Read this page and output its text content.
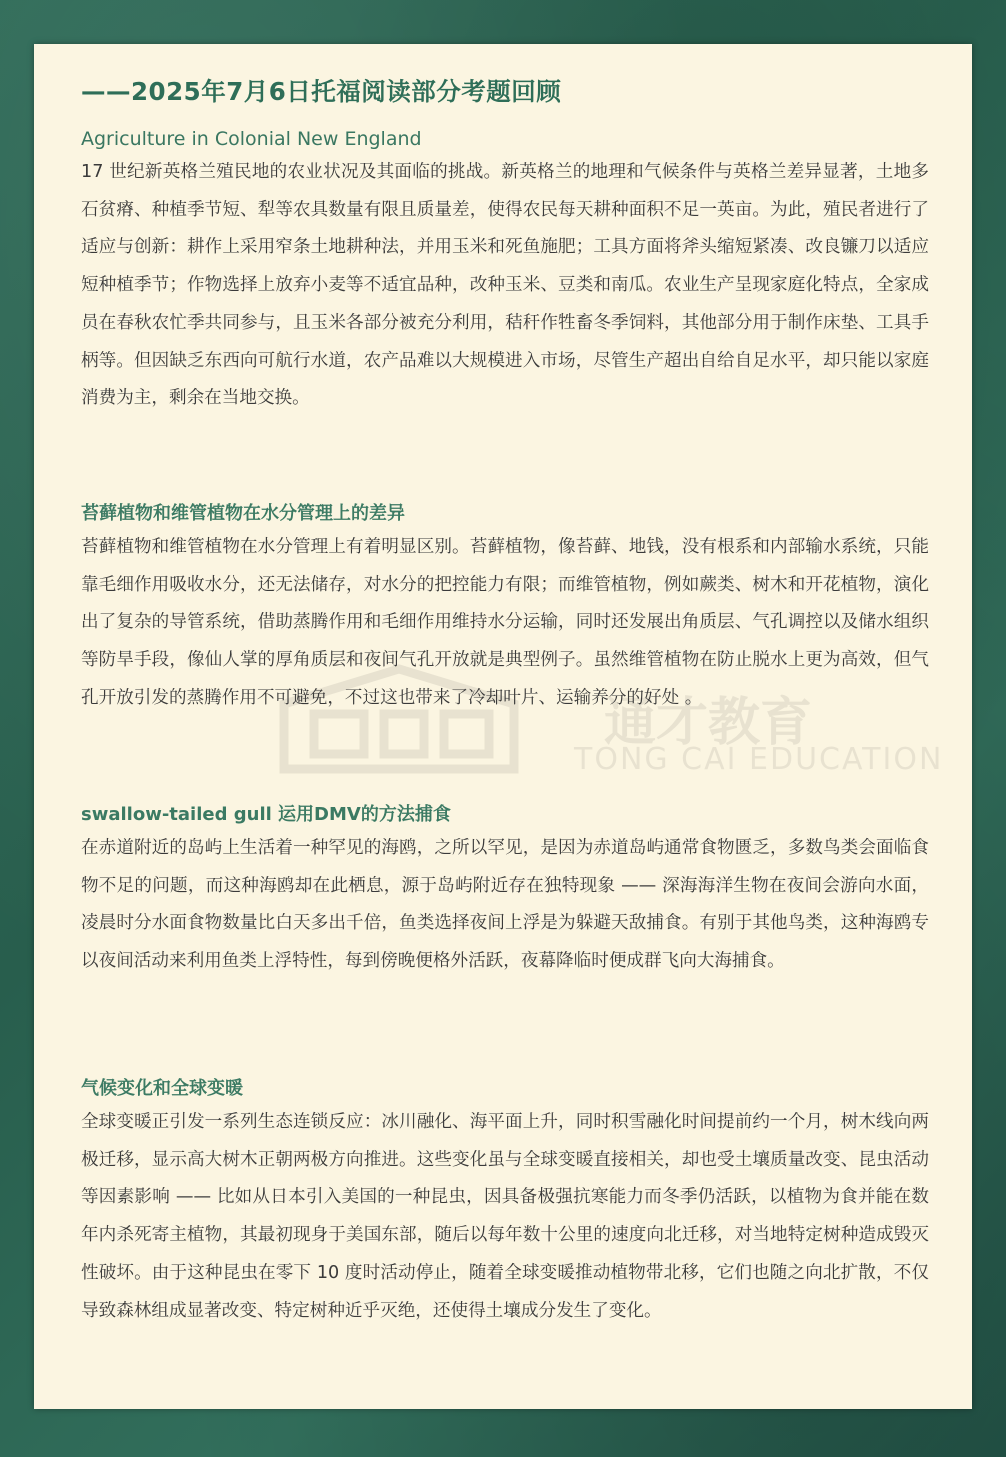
通才教育
TONG CAI EDUCATION
——2025年7月6日托福阅读部分考题回顾
Agriculture in Colonial New England

17 世纪新英格兰殖民地的农业状况及其面临的挑战。新英格兰的地理和气候条件与英格兰差异显著，土地多石贫瘠、种植季节短、犁等农具数量有限且质量差，使得农民每天耕种面积不足一英亩。为此，殖民者进行了适应与创新：耕作上采用窄条土地耕种法，并用玉米和死鱼施肥；工具方面将斧头缩短紧凑、改良镰刀以适应短种植季节；作物选择上放弃小麦等不适宜品种，改种玉米、豆类和南瓜。农业生产呈现家庭化特点，全家成员在春秋农忙季共同参与，且玉米各部分被充分利用，秸秆作牲畜冬季饲料，其他部分用于制作床垫、工具手柄等。但因缺乏东西向可航行水道，农产品难以大规模进入市场，尽管生产超出自给自足水平，却只能以家庭消费为主，剩余在当地交换。

苔藓植物和维管植物在水分管理上的差异

苔藓植物和维管植物在水分管理上有着明显区别。苔藓植物，像苔藓、地钱，没有根系和内部输水系统，只能靠毛细作用吸收水分，还无法储存，对水分的把控能力有限；而维管植物，例如蕨类、树木和开花植物，演化出了复杂的导管系统，借助蒸腾作用和毛细作用维持水分运输，同时还发展出角质层、气孔调控以及储水组织等防旱手段，像仙人掌的厚角质层和夜间气孔开放就是典型例子。虽然维管植物在防止脱水上更为高效，但气孔开放引发的蒸腾作用不可避免，不过这也带来了冷却叶片、运输养分的好处 。

swallow-tailed gull 运用DMV的方法捕食

在赤道附近的岛屿上生活着一种罕见的海鸥，之所以罕见，是因为赤道岛屿通常食物匮乏，多数鸟类会面临食物不足的问题，而这种海鸥却在此栖息，源于岛屿附近存在独特现象 —— 深海海洋生物在夜间会游向水面，凌晨时分水面食物数量比白天多出千倍，鱼类选择夜间上浮是为躲避天敌捕食。有别于其他鸟类，这种海鸥专以夜间活动来利用鱼类上浮特性，每到傍晚便格外活跃，夜幕降临时便成群飞向大海捕食。

气候变化和全球变暖

全球变暖正引发一系列生态连锁反应：冰川融化、海平面上升，同时积雪融化时间提前约一个月，树木线向两极迁移，显示高大树木正朝两极方向推进。这些变化虽与全球变暖直接相关，却也受土壤质量改变、昆虫活动等因素影响 —— 比如从日本引入美国的一种昆虫，因具备极强抗寒能力而冬季仍活跃，以植物为食并能在数年内杀死寄主植物，其最初现身于美国东部，随后以每年数十公里的速度向北迁移，对当地特定树种造成毁灭性破坏。由于这种昆虫在零下 10 度时活动停止，随着全球变暖推动植物带北移，它们也随之向北扩散，不仅导致森林组成显著改变、特定树种近乎灭绝，还使得土壤成分发生了变化。
